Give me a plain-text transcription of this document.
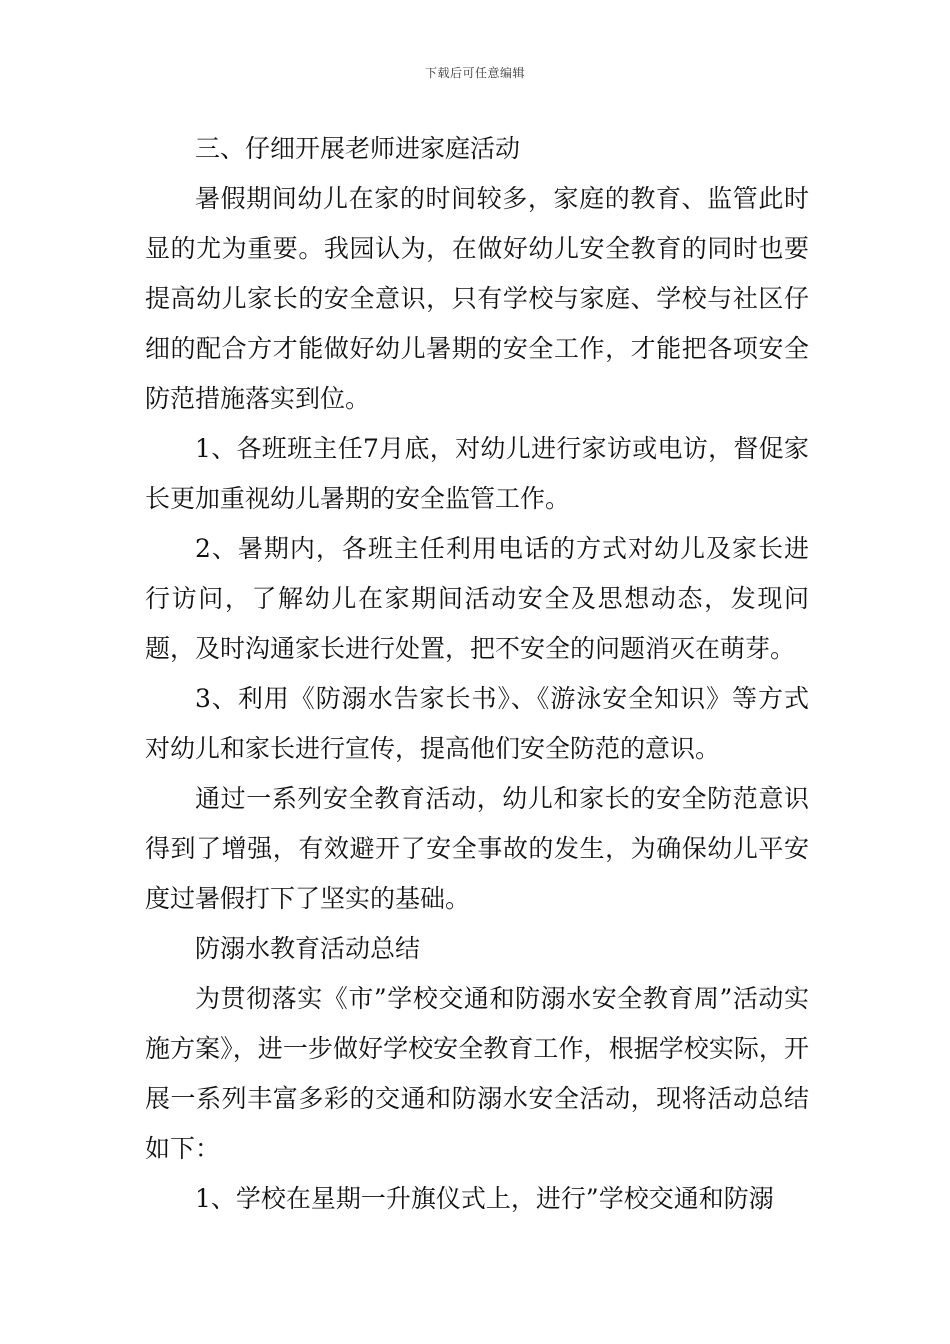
下载后可任意编辑

三、仔细开展老师进家庭活动

暑假期间幼儿在家的时间较多，家庭的教育、监管此时显的尤为重要。我园认为，在做好幼儿安全教育的同时也要提高幼儿家长的安全意识，只有学校与家庭、学校与社区仔细的配合方才能做好幼儿暑期的安全工作，才能把各项安全防范措施落实到位。

1、各班班主任7月底，对幼儿进行家访或电访，督促家长更加重视幼儿暑期的安全监管工作。

2、暑期内，各班主任利用电话的方式对幼儿及家长进行访问，了解幼儿在家期间活动安全及思想动态，发现问题，及时沟通家长进行处置，把不安全的问题消灭在萌芽。

3、利用《防溺水告家长书》、《游泳安全知识》等方式对幼儿和家长进行宣传，提高他们安全防范的意识。

通过一系列安全教育活动，幼儿和家长的安全防范意识得到了增强，有效避开了安全事故的发生，为确保幼儿平安度过暑假打下了坚实的基础。

防溺水教育活动总结

为贯彻落实《市”学校交通和防溺水安全教育周”活动实施方案》，进一步做好学校安全教育工作，根据学校实际，开展一系列丰富多彩的交通和防溺水安全活动，现将活动总结如下：

1、学校在星期一升旗仪式上，进行”学校交通和防溺
